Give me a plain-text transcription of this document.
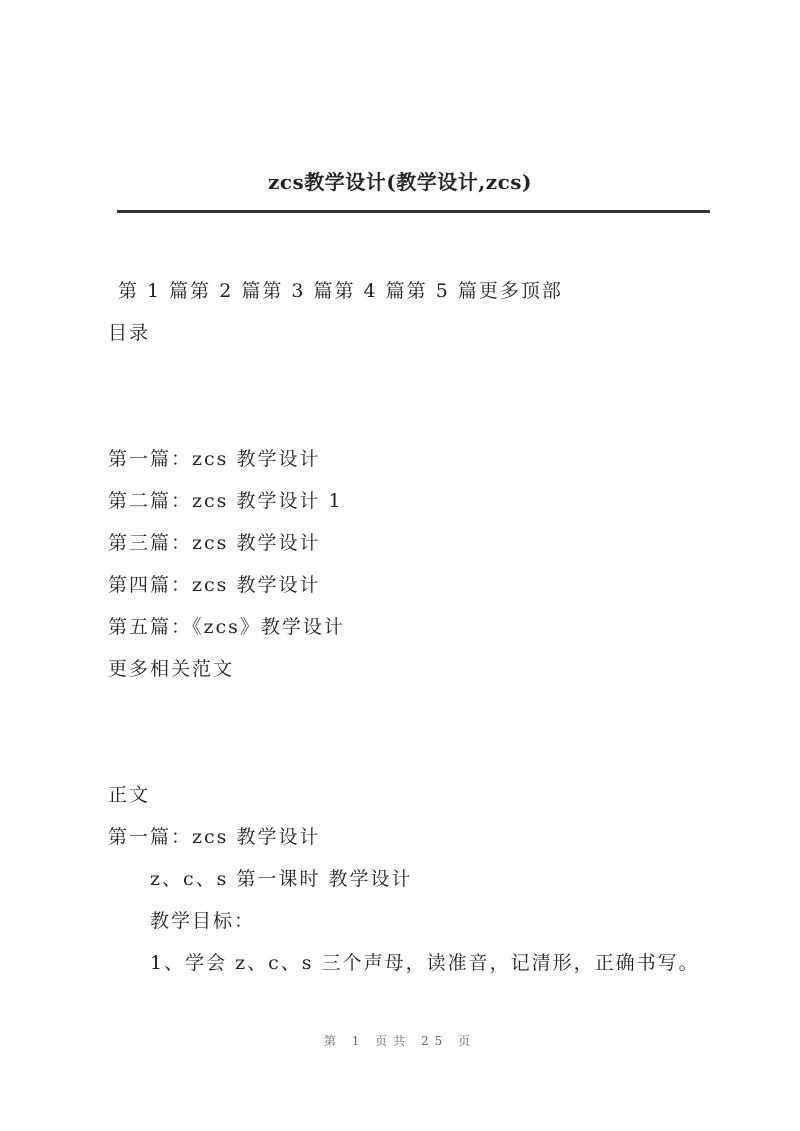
zcs教学设计(教学设计,zcs)
第 1 篇第 2 篇第 3 篇第 4 篇第 5 篇更多顶部
目录
第一篇：zcs 教学设计
第二篇：zcs 教学设计 1
第三篇：zcs 教学设计
第四篇：zcs 教学设计
第五篇：《zcs》教学设计
更多相关范文
正文
第一篇：zcs 教学设计
z、c、s 第一课时 教学设计
教学目标：
1、学会 z、c、s 三个声母，读准音，记清形，正确书写。
第 1 页共 25 页
